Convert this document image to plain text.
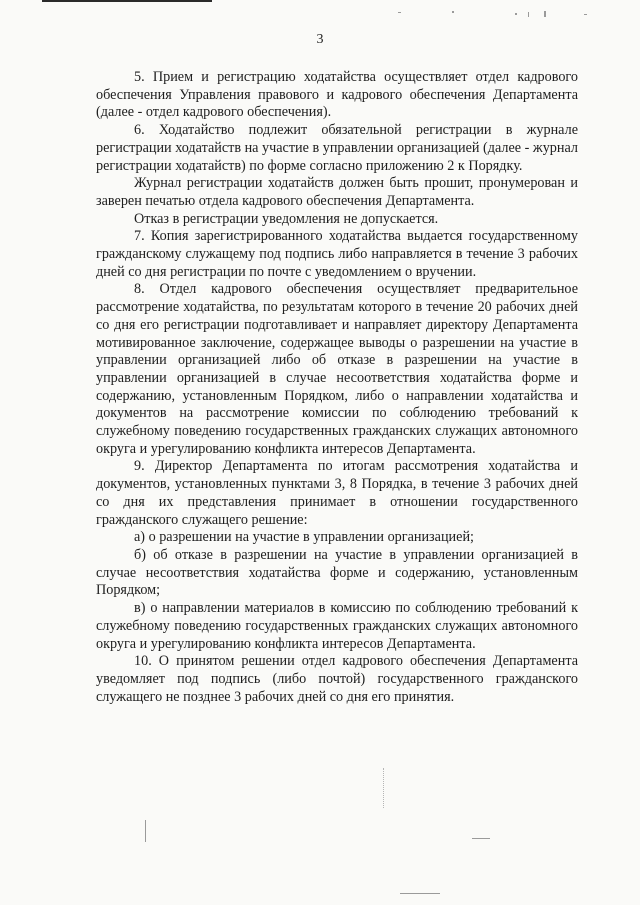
3

5. Прием и регистрацию ходатайства осуществляет отдел кадрового обеспечения Управления правового и кадрового обеспечения Департамента (далее - отдел кадрового обеспечения).

6. Ходатайство подлежит обязательной регистрации в журнале регистрации ходатайств на участие в управлении организацией (далее - журнал регистрации ходатайств) по форме согласно приложению 2 к Порядку.

Журнал регистрации ходатайств должен быть прошит, пронумерован и заверен печатью отдела кадрового обеспечения Департамента.

Отказ в регистрации уведомления не допускается.

7. Копия зарегистрированного ходатайства выдается государственному гражданскому служащему под подпись либо направляется в течение 3 рабочих дней со дня регистрации по почте с уведомлением о вручении.

8. Отдел кадрового обеспечения осуществляет предварительное рассмотрение ходатайства, по результатам которого в течение 20 рабочих дней со дня его регистрации подготавливает и направляет директору Департамента мотивированное заключение, содержащее выводы о разрешении на участие в управлении организацией либо об отказе в разрешении на участие в управлении организацией в случае несоответствия ходатайства форме и содержанию, установленным Порядком, либо о направлении ходатайства и документов на рассмотрение комиссии по соблюдению требований к служебному поведению государственных гражданских служащих автономного округа и урегулированию конфликта интересов Департамента.

9. Директор Департамента по итогам рассмотрения ходатайства и документов, установленных пунктами 3, 8 Порядка, в течение 3 рабочих дней со дня их представления принимает в отношении государственного гражданского служащего решение:

а) о разрешении на участие в управлении организацией;

б) об отказе в разрешении на участие в управлении организацией в случае несоответствия ходатайства форме и содержанию, установленным Порядком;

в) о направлении материалов в комиссию по соблюдению требований к служебному поведению государственных гражданских служащих автономного округа и урегулированию конфликта интересов Департамента.

10. О принятом решении отдел кадрового обеспечения Департамента уведомляет под подпись (либо почтой) государственного гражданского служащего не позднее 3 рабочих дней со дня его принятия.
